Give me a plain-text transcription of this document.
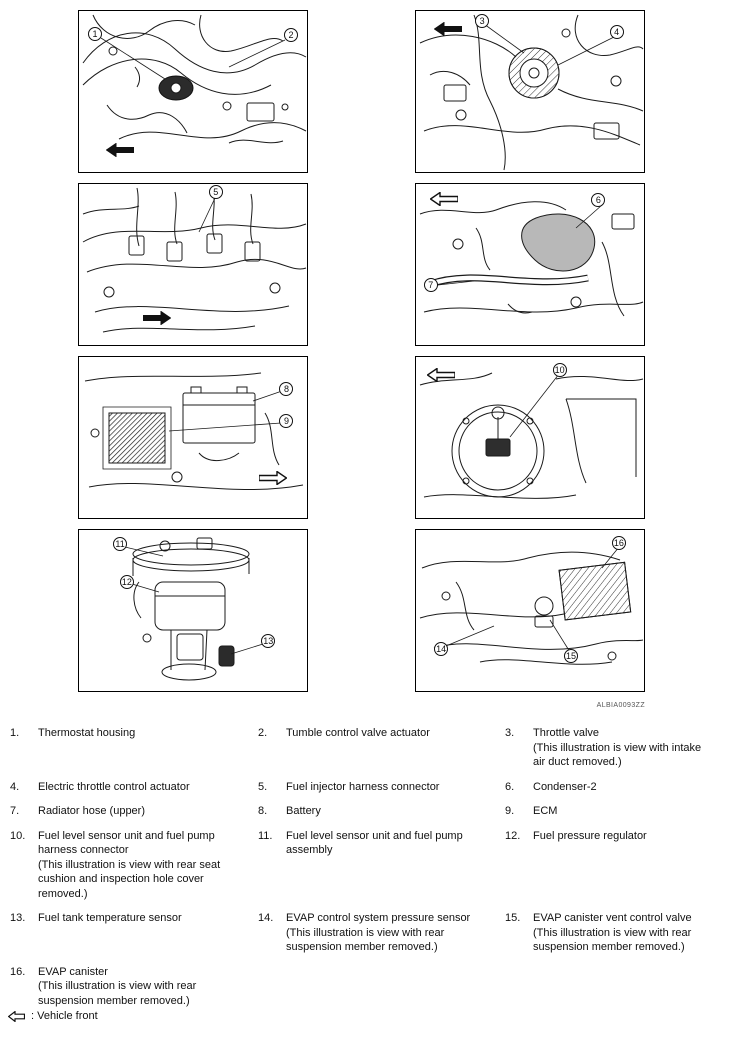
1	2
3
4
5
6
7
8
9
10
11
12
13
16
14
15
ALBIA0093ZZ
1.	Thermostat housing	2.	Tumble control valve actuator	3.	Throttle valve
(This illustration is view with intake air duct removed.)
4.	Electric throttle control actuator	5.	Fuel injector harness connector	6.	Condenser-2
7.	Radiator hose (upper)	8.	Battery	9.	ECM
10.	Fuel level sensor unit and fuel pump harness connector
(This illustration is view with rear seat cushion and inspection hole cover removed.)
11.	Fuel level sensor unit and fuel pump assembly
12.	Fuel pressure regulator
13.	Fuel tank temperature sensor	14.	EVAP control system pressure sensor (This illustration is view with rear suspension member removed.)
15.	EVAP canister vent control valve
(This illustration is view with rear suspension member removed.)
16.	EVAP canister
(This illustration is view with rear suspension member removed.)
: Vehicle front
